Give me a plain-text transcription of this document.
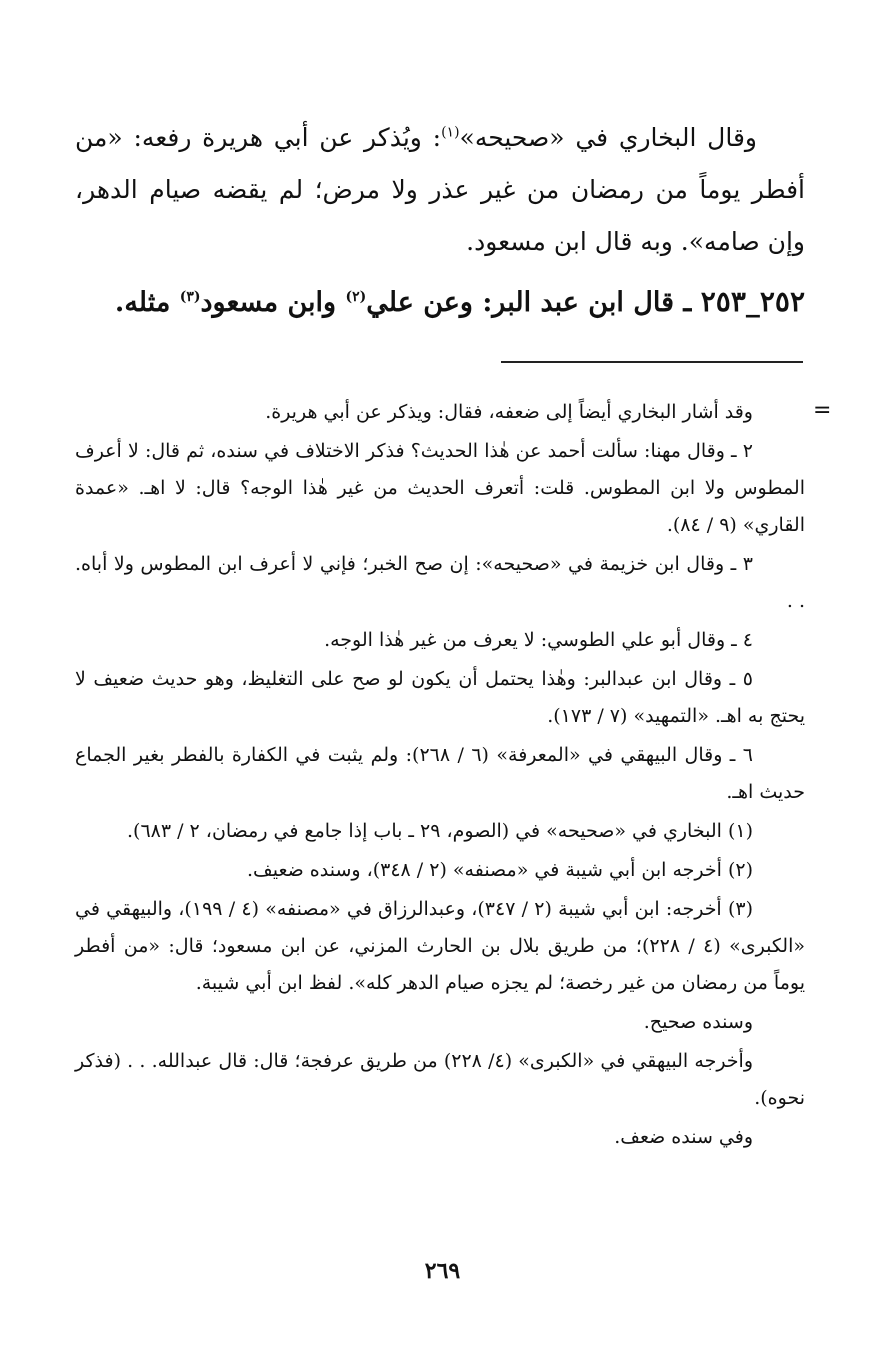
وقال البخاري في «صحيحه»$^{(١)}$: ويُذكر عن أبي هريرة رفعه: «من أفطر يوماً من رمضان من غير عذر ولا مرض؛ لم يقضه صيام الدهر، وإن صامه». وبه قال ابن مسعود.

٢٥٢_٢٥٣ ـ قال ابن عبد البر: وعن علي$^{(٢)}$ وابن مسعود$^{(٣)}$ مثله.
=

وقد أشار البخاري أيضاً إلى ضعفه، فقال: ويذكر عن أبي هريرة.

٢ ـ وقال مهنا: سألت أحمد عن هٰذا الحديث؟ فذكر الاختلاف في سنده، ثم قال: لا أعرف المطوس ولا ابن المطوس. قلت: أتعرف الحديث من غير هٰذا الوجه؟ قال: لا اهـ. «عمدة القاري» (٩ / ٨٤).

٣ ـ وقال ابن خزيمة في «صحيحه»: إن صح الخبر؛ فإني لا أعرف ابن المطوس ولا أباه. . .

٤ ـ وقال أبو علي الطوسي: لا يعرف من غير هٰذا الوجه.

٥ ـ وقال ابن عبدالبر: وهٰذا يحتمل أن يكون لو صح على التغليظ، وهو حديث ضعيف لا يحتج به اهـ. «التمهيد» (٧ / ١٧٣).

٦ ـ وقال البيهقي في «المعرفة» (٦ / ٢٦٨): ولم يثبت في الكفارة بالفطر بغير الجماع حديث اهـ.

(١) البخاري في «صحيحه» في (الصوم، ٢٩ ـ باب إذا جامع في رمضان، ٢ / ٦٨٣).

(٢) أخرجه ابن أبي شيبة في «مصنفه» (٢ / ٣٤٨)، وسنده ضعيف.

(٣) أخرجه: ابن أبي شيبة (٢ / ٣٤٧)، وعبدالرزاق في «مصنفه» (٤ / ١٩٩)، والبيهقي في «الكبرى» (٤ / ٢٢٨)؛ من طريق بلال بن الحارث المزني، عن ابن مسعود؛ قال: «من أفطر يوماً من رمضان من غير رخصة؛ لم يجزه صيام الدهر كله». لفظ ابن أبي شيبة.

وسنده صحيح.

وأخرجه البيهقي في «الكبرى» (٤/ ٢٢٨) من طريق عرفجة؛ قال: قال عبدالله. . . (فذكر نحوه).

وفي سنده ضعف.

٢٦٩
